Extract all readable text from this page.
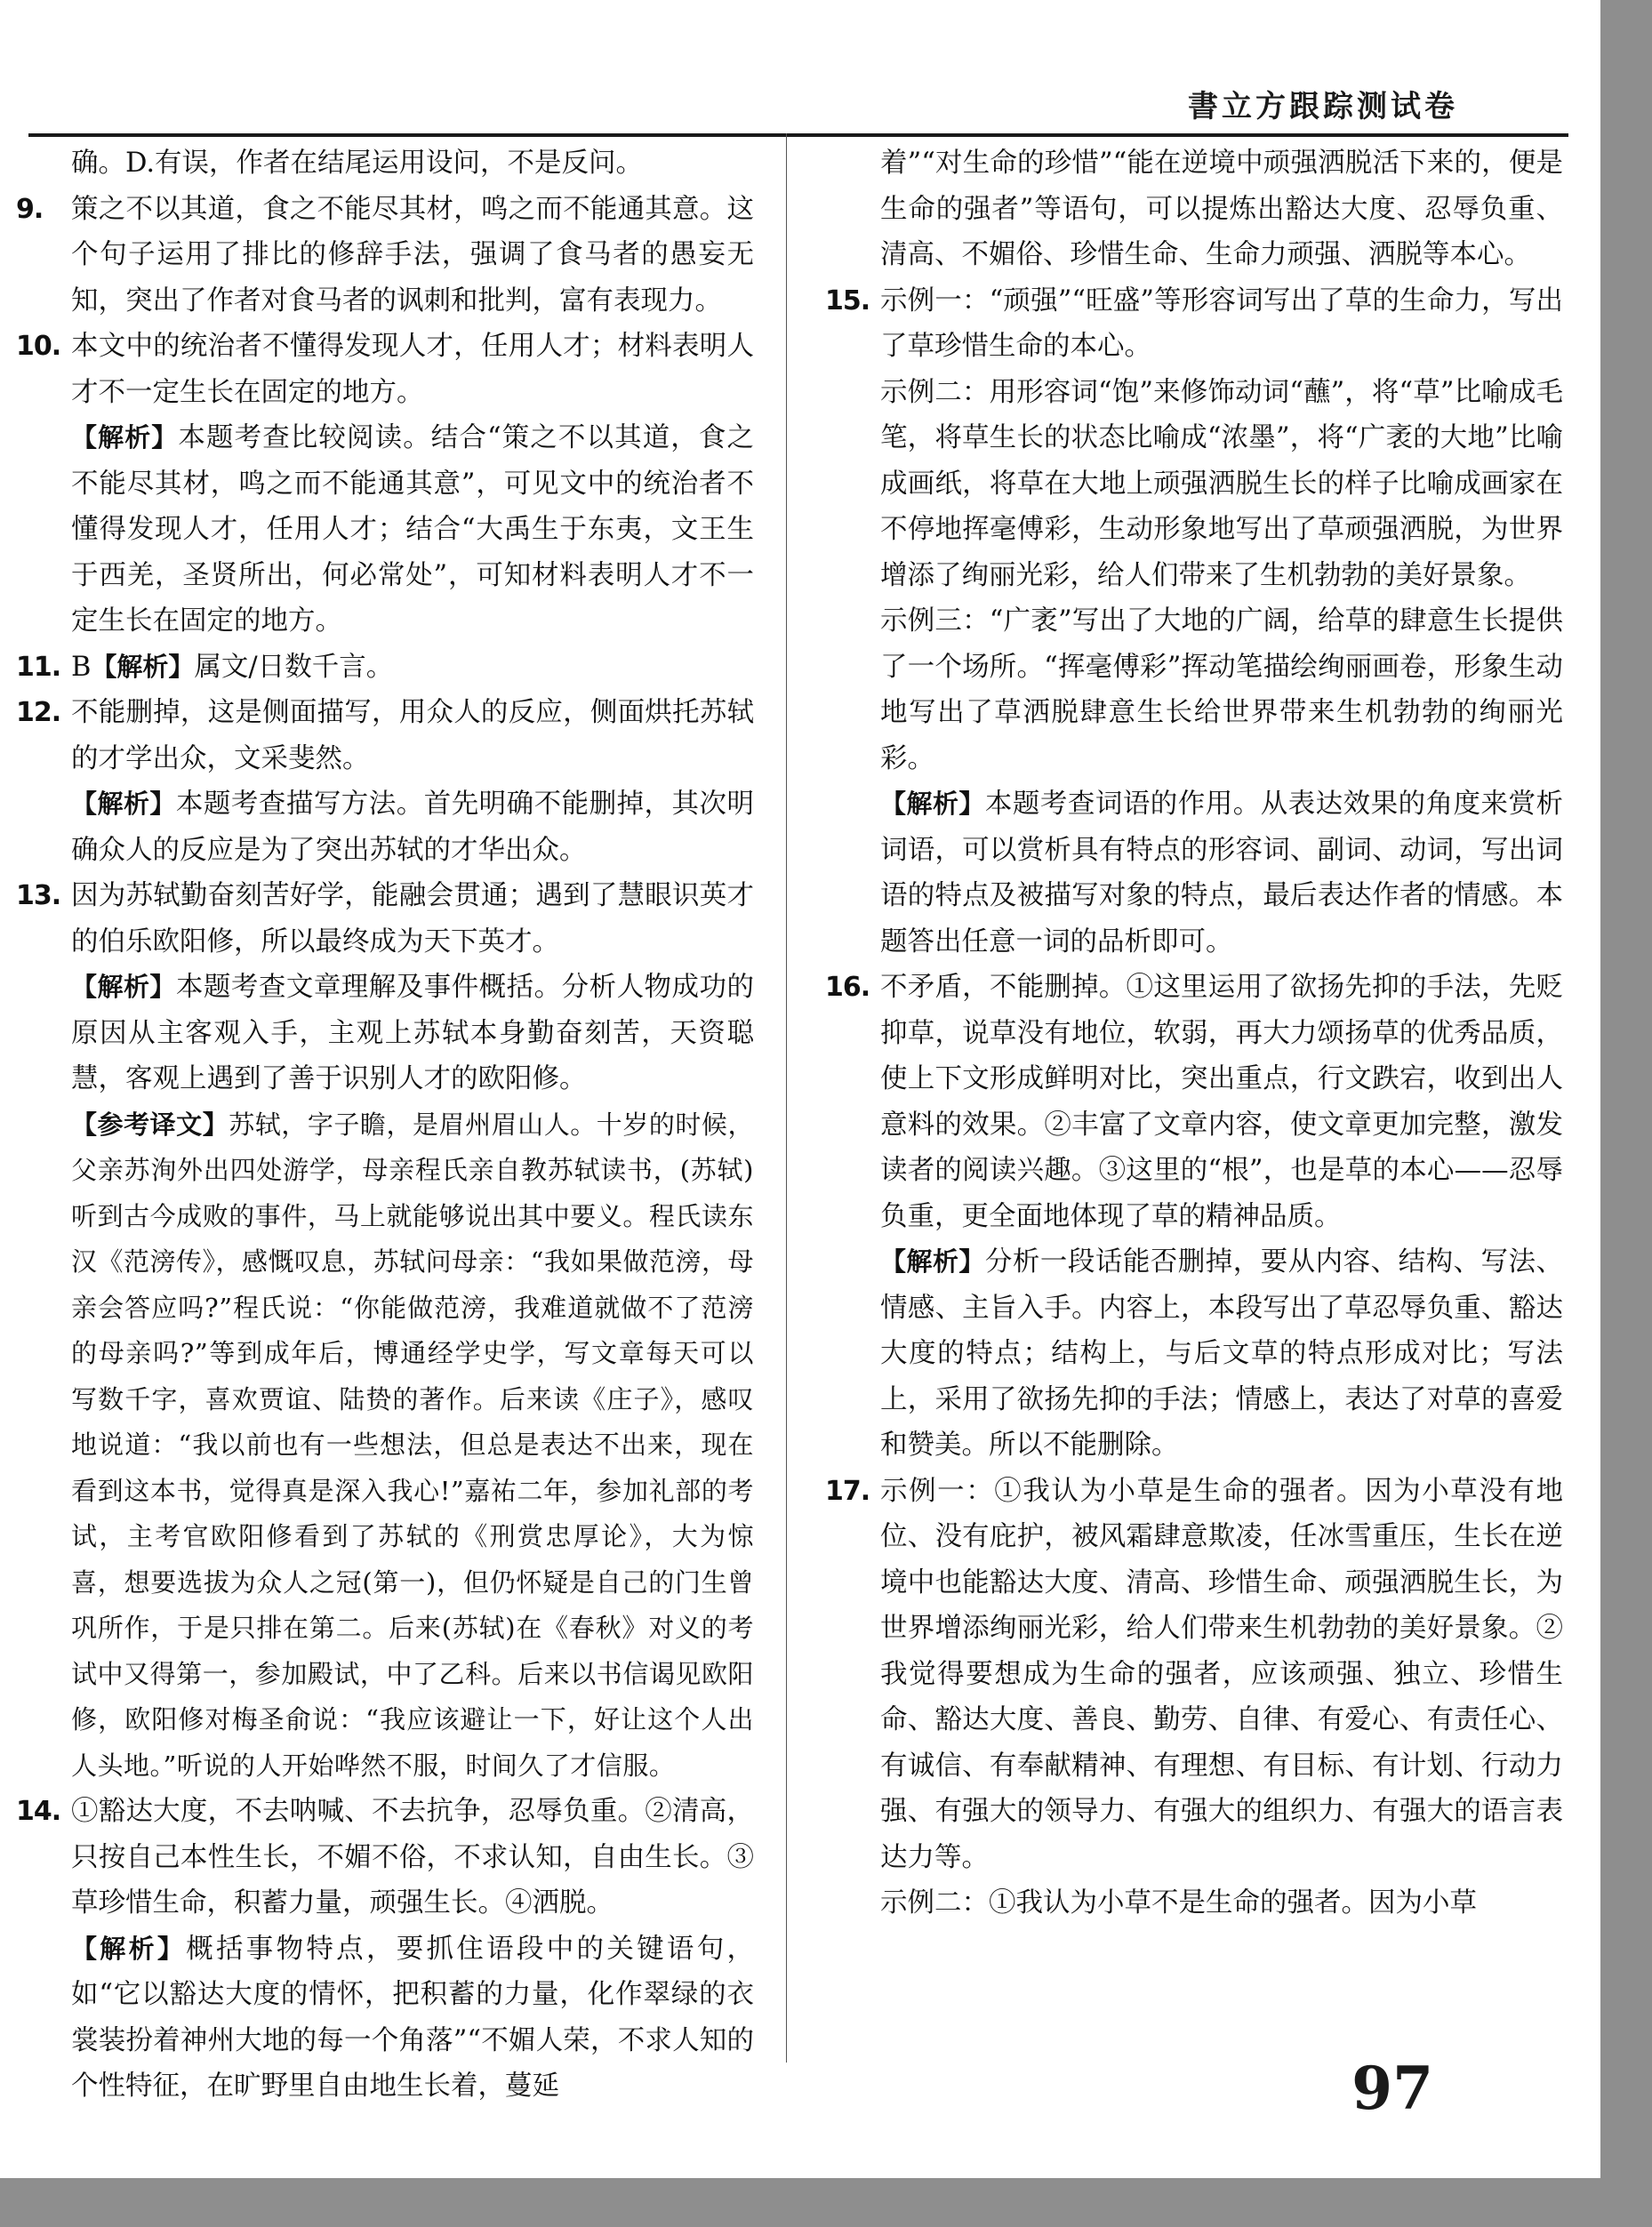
書立方跟踪测试卷

确。D.有误，作者在结尾运用设问，不是反问。

9. 策之不以其道，食之不能尽其材，鸣之而不能通其意。这个句子运用了排比的修辞手法，强调了食马者的愚妄无知，突出了作者对食马者的讽刺和批判，富有表现力。

10. 本文中的统治者不懂得发现人才，任用人才；材料表明人才不一定生长在固定的地方。

【解析】本题考查比较阅读。结合“策之不以其道，食之不能尽其材，鸣之而不能通其意”，可见文中的统治者不懂得发现人才，任用人才；结合“大禹生于东夷，文王生于西羌，圣贤所出，何必常处”，可知材料表明人才不一定生长在固定的地方。

11. B【解析】属文/日数千言。

12. 不能删掉，这是侧面描写，用众人的反应，侧面烘托苏轼的才学出众，文采斐然。

【解析】本题考查描写方法。首先明确不能删掉，其次明确众人的反应是为了突出苏轼的才华出众。

13. 因为苏轼勤奋刻苦好学，能融会贯通；遇到了慧眼识英才的伯乐欧阳修，所以最终成为天下英才。

【解析】本题考查文章理解及事件概括。分析人物成功的原因从主客观入手，主观上苏轼本身勤奋刻苦，天资聪慧，客观上遇到了善于识别人才的欧阳修。

【参考译文】苏轼，字子瞻，是眉州眉山人。十岁的时候，父亲苏洵外出四处游学，母亲程氏亲自教苏轼读书，(苏轼)听到古今成败的事件，马上就能够说出其中要义。程氏读东汉《范滂传》，感慨叹息，苏轼问母亲：“我如果做范滂，母亲会答应吗?”程氏说：“你能做范滂，我难道就做不了范滂的母亲吗?”等到成年后，博通经学史学，写文章每天可以写数千字，喜欢贾谊、陆贽的著作。后来读《庄子》，感叹地说道：“我以前也有一些想法，但总是表达不出来，现在看到这本书，觉得真是深入我心!”嘉祐二年，参加礼部的考试，主考官欧阳修看到了苏轼的《刑赏忠厚论》，大为惊喜，想要选拔为众人之冠(第一)，但仍怀疑是自己的门生曾巩所作，于是只排在第二。后来(苏轼)在《春秋》对义的考试中又得第一，参加殿试，中了乙科。后来以书信谒见欧阳修，欧阳修对梅圣俞说：“我应该避让一下，好让这个人出人头地。”听说的人开始哗然不服，时间久了才信服。

14. ①豁达大度，不去呐喊、不去抗争，忍辱负重。②清高，只按自己本性生长，不媚不俗，不求认知，自由生长。③草珍惜生命，积蓄力量，顽强生长。④洒脱。

【解析】概括事物特点，要抓住语段中的关键语句，如“它以豁达大度的情怀，把积蓄的力量，化作翠绿的衣裳装扮着神州大地的每一个角落”“不媚人荣，不求人知的个性特征，在旷野里自由地生长着，蔓延

着”“对生命的珍惜”“能在逆境中顽强洒脱活下来的，便是生命的强者”等语句，可以提炼出豁达大度、忍辱负重、清高、不媚俗、珍惜生命、生命力顽强、洒脱等本心。

15. 示例一：“顽强”“旺盛”等形容词写出了草的生命力，写出了草珍惜生命的本心。

示例二：用形容词“饱”来修饰动词“蘸”，将“草”比喻成毛笔，将草生长的状态比喻成“浓墨”，将“广袤的大地”比喻成画纸，将草在大地上顽强洒脱生长的样子比喻成画家在不停地挥毫傅彩，生动形象地写出了草顽强洒脱，为世界增添了绚丽光彩，给人们带来了生机勃勃的美好景象。

示例三：“广袤”写出了大地的广阔，给草的肆意生长提供了一个场所。“挥毫傅彩”挥动笔描绘绚丽画卷，形象生动地写出了草洒脱肆意生长给世界带来生机勃勃的绚丽光彩。

【解析】本题考查词语的作用。从表达效果的角度来赏析词语，可以赏析具有特点的形容词、副词、动词，写出词语的特点及被描写对象的特点，最后表达作者的情感。本题答出任意一词的品析即可。

16. 不矛盾，不能删掉。①这里运用了欲扬先抑的手法，先贬抑草，说草没有地位，软弱，再大力颂扬草的优秀品质，使上下文形成鲜明对比，突出重点，行文跌宕，收到出人意料的效果。②丰富了文章内容，使文章更加完整，激发读者的阅读兴趣。③这里的“根”，也是草的本心——忍辱负重，更全面地体现了草的精神品质。

【解析】分析一段话能否删掉，要从内容、结构、写法、情感、主旨入手。内容上，本段写出了草忍辱负重、豁达大度的特点；结构上，与后文草的特点形成对比；写法上，采用了欲扬先抑的手法；情感上，表达了对草的喜爱和赞美。所以不能删除。

17. 示例一：①我认为小草是生命的强者。因为小草没有地位、没有庇护，被风霜肆意欺凌，任冰雪重压，生长在逆境中也能豁达大度、清高、珍惜生命、顽强洒脱生长，为世界增添绚丽光彩，给人们带来生机勃勃的美好景象。②我觉得要想成为生命的强者，应该顽强、独立、珍惜生命、豁达大度、善良、勤劳、自律、有爱心、有责任心、有诚信、有奉献精神、有理想、有目标、有计划、行动力强、有强大的领导力、有强大的组织力、有强大的语言表达力等。

示例二：①我认为小草不是生命的强者。因为小草

97
